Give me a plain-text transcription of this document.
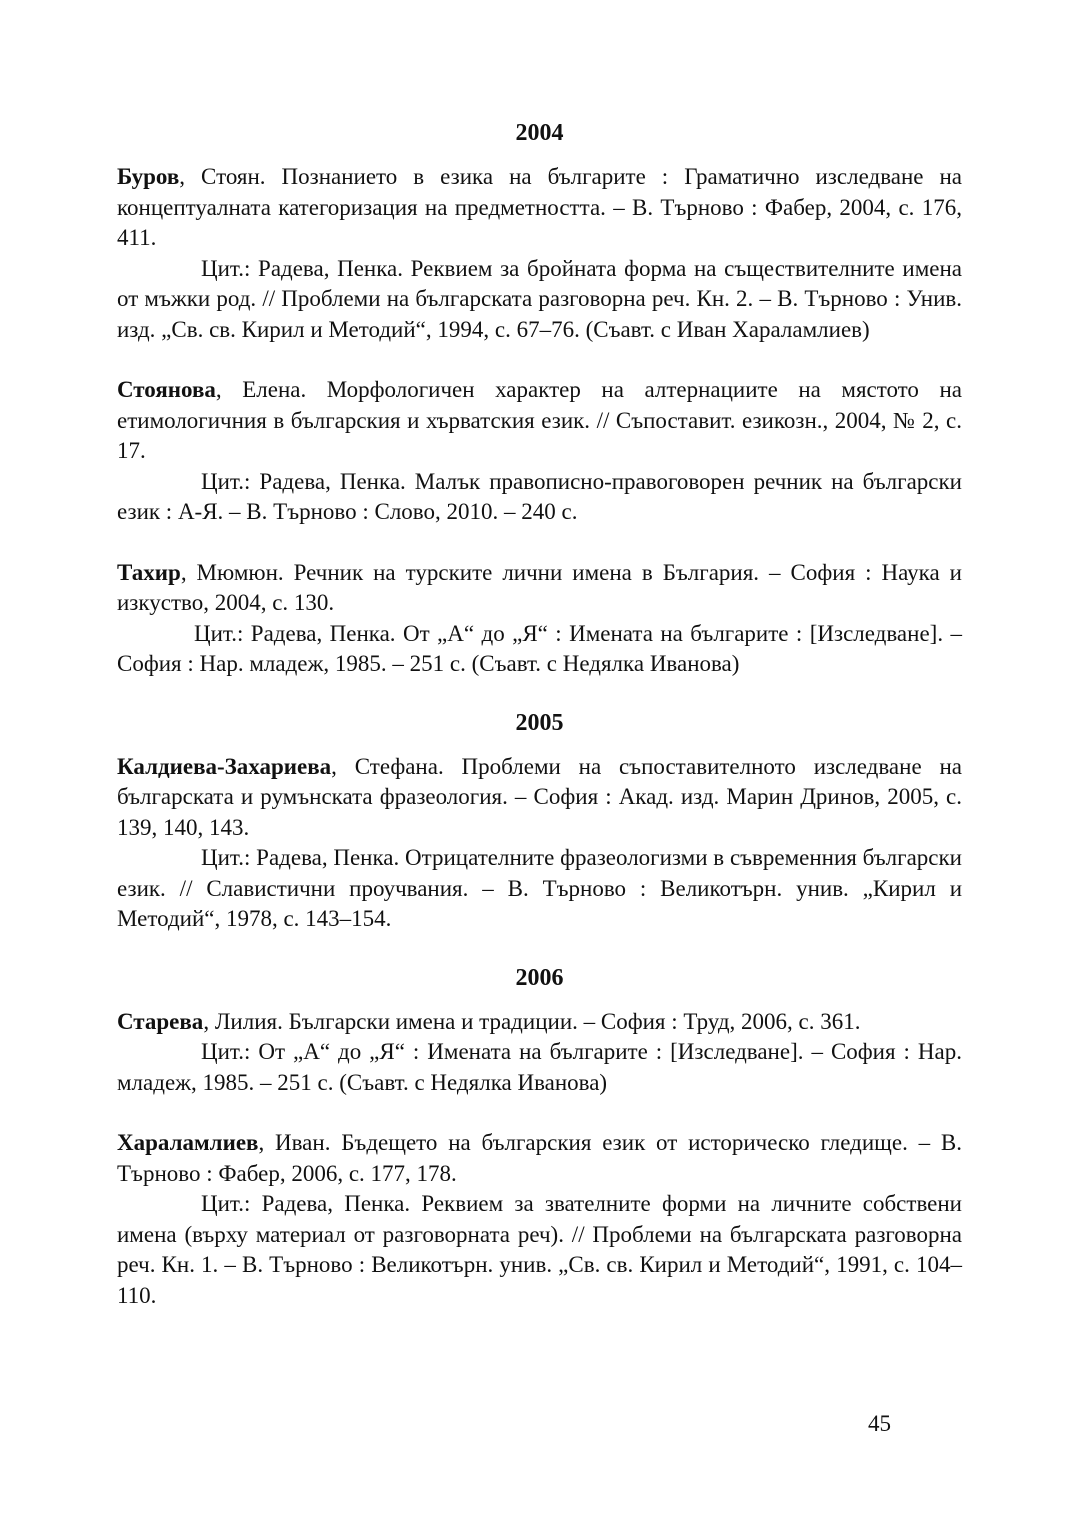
2004

Буров, Стоян. Познанието в езика на българите : Граматично изследване на концептуалната категоризация на предметността. – В. Търново : Фабер, 2004, с. 176, 411.

Цит.: Радева, Пенка. Реквием за бройната форма на съществителните имена от мъжки род. // Проблеми на българската разговорна реч. Кн. 2. – В. Търново : Унив. изд. „Св. св. Кирил и Методий“, 1994, с. 67–76. (Съавт. с Иван Хараламлиев)

Стоянова, Елена. Морфологичен характер на алтернациите на мястото на етимологичния в българския и хърватския език. // Съпоставит. езикозн., 2004, № 2, с. 17.

Цит.: Радева, Пенка. Малък правописно-правоговорен речник на български език : А-Я. – В. Търново : Слово, 2010. – 240 с.

Тахир, Мюмюн. Речник на турските лични имена в България. – София : Наука и изкуство, 2004, с. 130.

Цит.: Радева, Пенка. От „А“ до „Я“ : Имената на българите : [Изследване]. – София : Нар. младеж, 1985. – 251 с. (Съавт. с Недялка Иванова)

2005

Калдиева-Захариева, Стефана. Проблеми на съпоставителното изследване на българската и румънската фразеология. – София : Акад. изд. Марин Дринов, 2005, с. 139, 140, 143.

Цит.: Радева, Пенка. Отрицателните фразеологизми в съвременния български език. // Славистични проучвания. – В. Търново : Великотърн. унив. „Кирил и Методий“, 1978, с. 143–154.

2006

Старева, Лилия. Български имена и традиции. – София : Труд, 2006, с. 361.

Цит.: От „А“ до „Я“ : Имената на българите : [Изследване]. – София : Нар. младеж, 1985. – 251 с. (Съавт. с Недялка Иванова)

Хараламлиев, Иван. Бъдещето на българския език от историческо гледище. – В. Търново : Фабер, 2006, с. 177, 178.

Цит.: Радева, Пенка. Реквием за звателните форми на личните собствени имена (върху материал от разговорната реч). // Проблеми на българската разговорна реч. Кн. 1. – В. Търново : Великотърн. унив. „Св. св. Кирил и Методий“, 1991, с. 104–110.

45
